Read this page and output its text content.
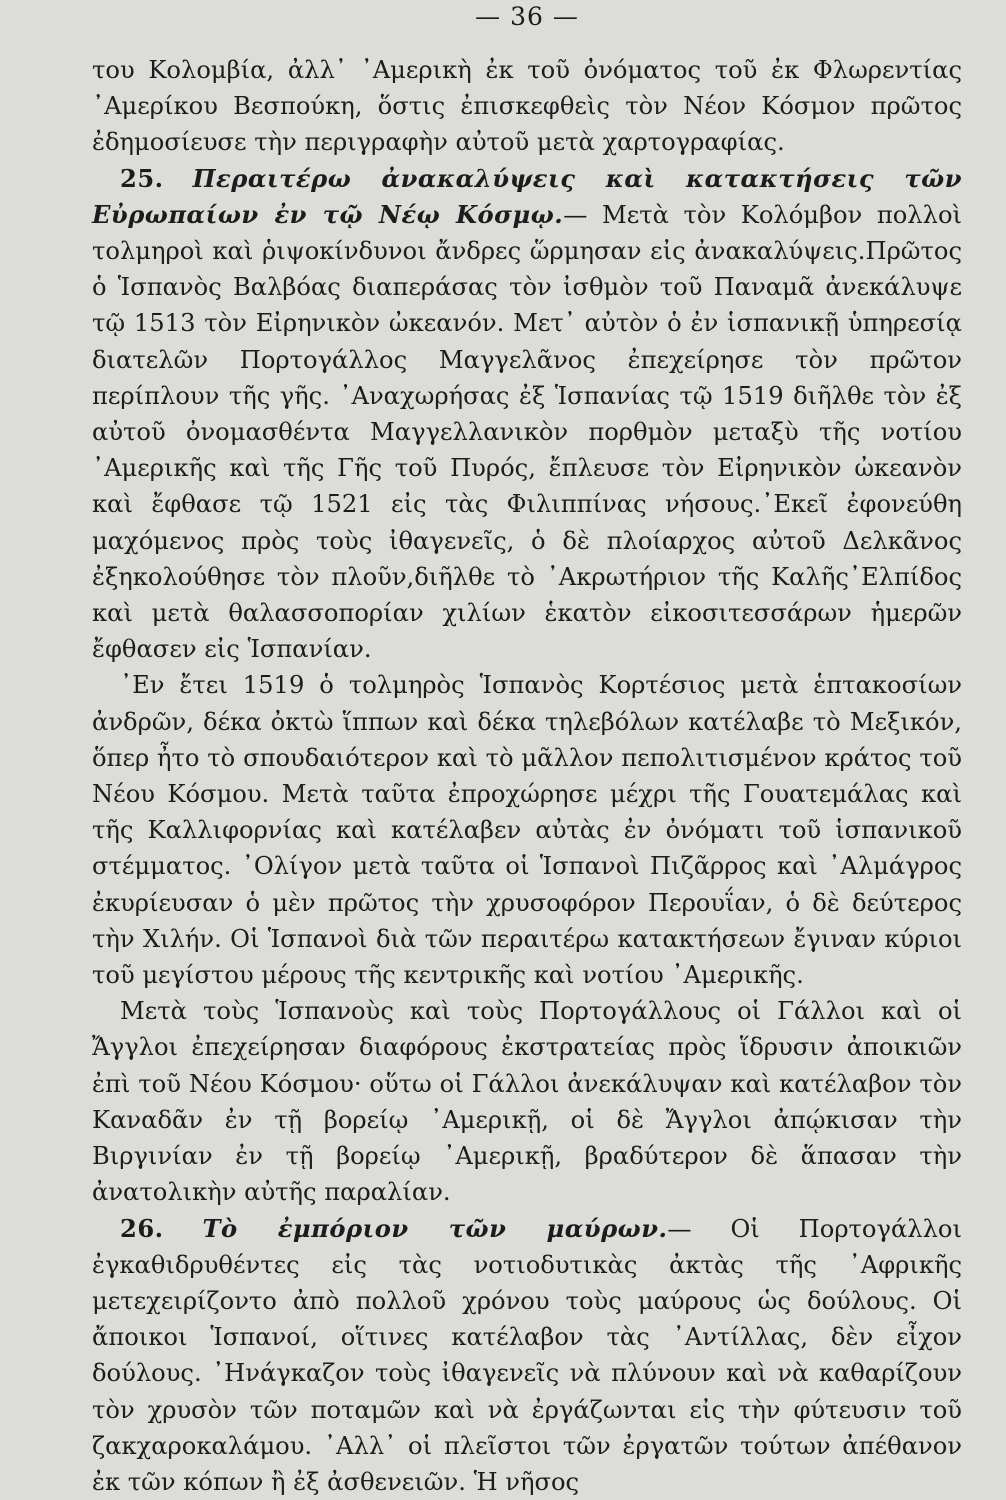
— 36 —

του Κολομβία, ἀλλ᾿ ᾿Αμερικὴ ἐκ τοῦ ὀνόματος τοῦ ἐκ Φλωρεντίας ᾿Αμερίκου Βεσπούκη, ὅστις ἐπισκεφθεὶς τὸν Νέον Κόσμον πρῶτος ἐδημοσίευσε τὴν περιγραφὴν αὐτοῦ μετὰ χαρτογραφίας.

25. Περαιτέρω ἀνακαλύψεις καὶ κατακτήσεις τῶν Εὐρωπαίων ἐν τῷ Νέῳ Κόσμῳ.— Μετὰ τὸν Κολόμβον πολλοὶ τολμηροὶ καὶ ῥιψοκίνδυνοι ἄνδρες ὥρμησαν εἰς ἀνακαλύψεις.Πρῶτος ὁ Ἱσπανὸς Βαλβόας διαπεράσας τὸν ἰσθμὸν τοῦ Παναμᾶ ἀνεκάλυψε τῷ 1513 τὸν Εἰρηνικὸν ὠκεανόν. Μετ᾿ αὐτὸν ὁ ἐν ἱσπανικῇ ὑπηρεσίᾳ διατελῶν Πορτογάλλος Μαγγελᾶνος ἐπεχείρησε τὸν πρῶτον περίπλουν τῆς γῆς. ᾿Αναχωρήσας ἐξ Ἱσπανίας τῷ 1519 διῆλθε τὸν ἐξ αὐτοῦ ὀνομασθέντα Μαγγελλανικὸν πορθμὸν μεταξὺ τῆς νοτίου ᾿Αμερικῆς καὶ τῆς Γῆς τοῦ Πυρός, ἔπλευσε τὸν Εἰρηνικὸν ὠκεανὸν καὶ ἔφθασε τῷ 1521 εἰς τὰς Φιλιππίνας νήσους.᾿Εκεῖ ἐφονεύθη μαχόμενος πρὸς τοὺς ἰθαγενεῖς, ὁ δὲ πλοίαρχος αὐτοῦ Δελκᾶνος ἐξηκολούθησε τὸν πλοῦν,διῆλθε τὸ ᾿Ακρωτήριον τῆς Καλῆς᾿Ελπίδος καὶ μετὰ θαλασσοπορίαν χιλίων ἑκατὸν εἰκοσιτεσσάρων ἡμερῶν ἔφθασεν εἰς Ἱσπανίαν.

᾿Εν ἔτει 1519 ὁ τολμηρὸς Ἱσπανὸς Κορτέσιος μετὰ ἑπτακοσίων ἀνδρῶν, δέκα ὀκτὼ ἵππων καὶ δέκα τηλεβόλων κατέλαβε τὸ Μεξικόν, ὅπερ ἦτο τὸ σπουδαιότερον καὶ τὸ μᾶλλον πεπολιτισμένον κράτος τοῦ Νέου Κόσμου. Μετὰ ταῦτα ἐπροχώρησε μέχρι τῆς Γουατεμάλας καὶ τῆς Καλλιφορνίας καὶ κατέλαβεν αὐτὰς ἐν ὀνόματι τοῦ ἱσπανικοῦ στέμματος. ᾿Ολίγον μετὰ ταῦτα οἱ Ἱσπανοὶ Πιζᾶρρος καὶ ᾿Αλμάγρος ἐκυρίευσαν ὁ μὲν πρῶτος τὴν χρυσοφόρον Περουΐαν, ὁ δὲ δεύτερος τὴν Χιλήν. Οἱ Ἱσπανοὶ διὰ τῶν περαιτέρω κατακτήσεων ἔγιναν κύριοι τοῦ μεγίστου μέρους τῆς κεντρικῆς καὶ νοτίου ᾿Αμερικῆς.

Μετὰ τοὺς Ἱσπανοὺς καὶ τοὺς Πορτογάλλους οἱ Γάλλοι καὶ οἱ Ἄγγλοι ἐπεχείρησαν διαφόρους ἐκστρατείας πρὸς ἵδρυσιν ἀποικιῶν ἐπὶ τοῦ Νέου Κόσμου· οὕτω οἱ Γάλλοι ἀνεκάλυψαν καὶ κατέλαβον τὸν Καναδᾶν ἐν τῇ βορείῳ ᾿Αμερικῇ, οἱ δὲ Ἄγγλοι ἀπῴκισαν τὴν Βιργινίαν ἐν τῇ βορείῳ ᾿Αμερικῇ, βραδύτερον δὲ ἅπασαν τὴν ἀνατολικὴν αὐτῆς παραλίαν.

26. Τὸ ἐμπόριον τῶν μαύρων.— Οἱ Πορτογάλλοι ἐγκαθιδρυθέντες εἰς τὰς νοτιοδυτικὰς ἀκτὰς τῆς ᾿Αφρικῆς μετεχειρίζοντο ἀπὸ πολλοῦ χρόνου τοὺς μαύρους ὡς δούλους. Οἱ ἄποικοι Ἱσπανοί, οἵτινες κατέλαβον τὰς ᾿Αντίλλας, δὲν εἶχον δούλους. ᾿Ηνάγκαζον τοὺς ἰθαγενεῖς νὰ πλύνουν καὶ νὰ καθαρίζουν τὸν χρυσὸν τῶν ποταμῶν καὶ νὰ ἐργάζωνται εἰς τὴν φύτευσιν τοῦ ζακχαροκαλάμου. ᾿Αλλ᾿ οἱ πλεῖστοι τῶν ἐργατῶν τούτων ἀπέθανον ἐκ τῶν κόπων ἢ ἐξ ἀσθενειῶν. Ἡ νῆσος
